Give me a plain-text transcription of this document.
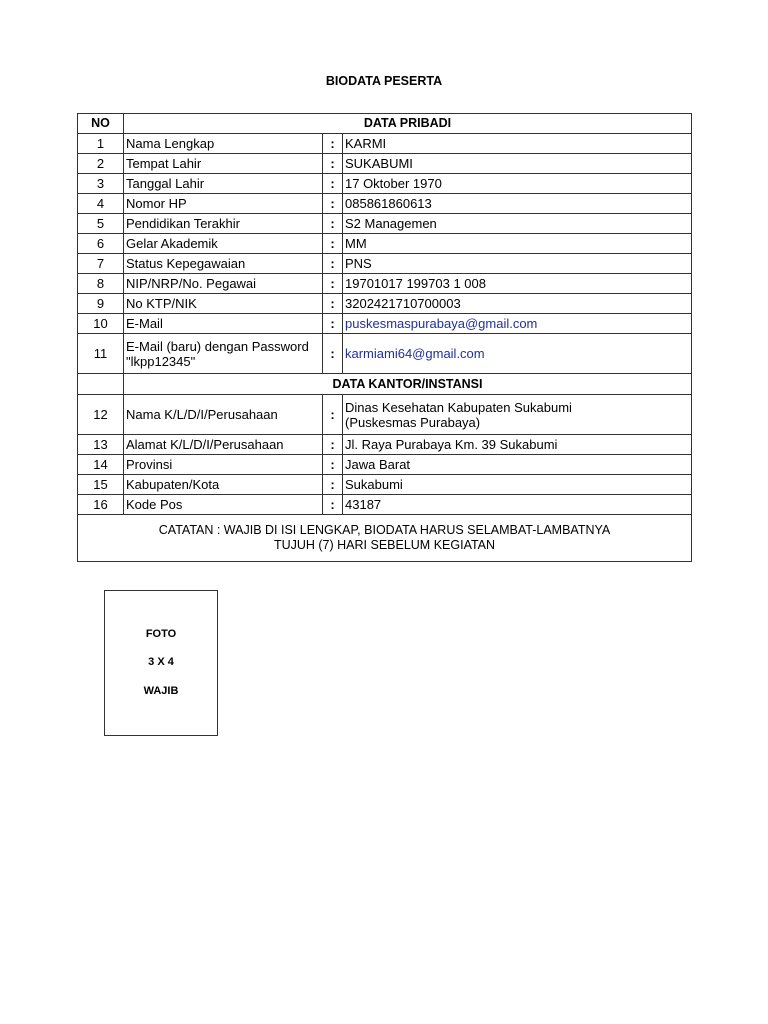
BIODATA PESERTA
NO	DATA PRIBADI		
1	Nama Lengkap	:	KARMI
2	Tempat Lahir	:	SUKABUMI
3	Tanggal Lahir	:	17 Oktober 1970
4	Nomor HP	:	085861860613
5	Pendidikan Terakhir	:	S2 Managemen
6	Gelar Akademik	:	MM
7	Status Kepegawaian	:	PNS
8	NIP/NRP/No. Pegawai	:	19701017 199703 1 008
9	No KTP/NIK	:	3202421710700003
10	E-Mail	:	puskesmaspurabaya@gmail.com
11	E-Mail (baru) dengan Password "lkpp12345"	:	karmiami64@gmail.com
	DATA KANTOR/INSTANSI		
12	Nama K/L/D/I/Perusahaan	:	Dinas Kesehatan Kabupaten Sukabumi
(Puskesmas Purabaya)

13	Alamat K/L/D/I/Perusahaan	:	Jl. Raya Purabaya Km. 39 Sukabumi
14	Provinsi	:	Jawa Barat
15	Kabupaten/Kota	:	Sukabumi
16	Kode Pos	:	43187

CATATAN : WAJIB DI ISI LENGKAP, BIODATA HARUS SELAMBAT-LAMBATNYA
TUJUH (7) HARI SEBELUM KEGIATAN			
FOTO
3 X 4
WAJIB
